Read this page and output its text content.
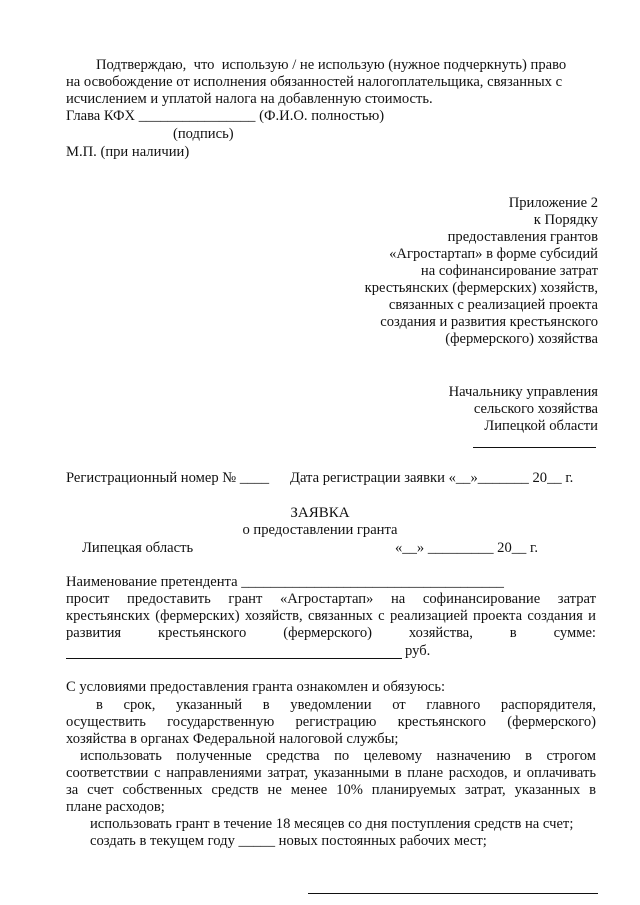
Подтверждаю,  что  использую / не использую (нужное подчеркнуть) право
на освобождение от исполнения обязанностей налогоплательщика, связанных с
исчислением и уплатой налога на добавленную стоимость.
Глава КФХ ________________ (Ф.И.О. полностью)
(подпись)
М.П. (при наличии)
Приложение 2
к Порядку
предоставления грантов
«Агростартап» в форме субсидий
на софинансирование затрат
крестьянских (фермерских) хозяйств,
связанных с реализацией проекта
создания и развития крестьянского
(фермерского) хозяйства
Начальнику управления
сельского хозяйства
Липецкой области
Регистрационный номер № ____ Дата регистрации заявки «__»_______ 20__ г.
ЗАЯВКА
о предоставлении гранта
Липецкая область	«__» _________ 20__ г.
Наименование претендента ____________________________________
просит предоставить грант «Агростартап» на софинансирование затрат
крестьянских (фермерских) хозяйств, связанных с реализацией проекта создания и
развития крестьянского (фермерского) хозяйства, в сумме:
руб.
С условиями предоставления гранта ознакомлен и обязуюсь:
в срок, указанный в уведомлении от главного распорядителя,
осуществить государственную регистрацию крестьянского (фермерского)
хозяйства в органах Федеральной налоговой службы;
использовать полученные средства по целевому назначению в строгом
соответствии с направлениями затрат, указанными в плане расходов, и оплачивать
за счет собственных средств не менее 10% планируемых затрат, указанных в
плане расходов;
использовать грант в течение 18 месяцев со дня поступления средств на счет;
создать в текущем году _____ новых постоянных рабочих мест;
